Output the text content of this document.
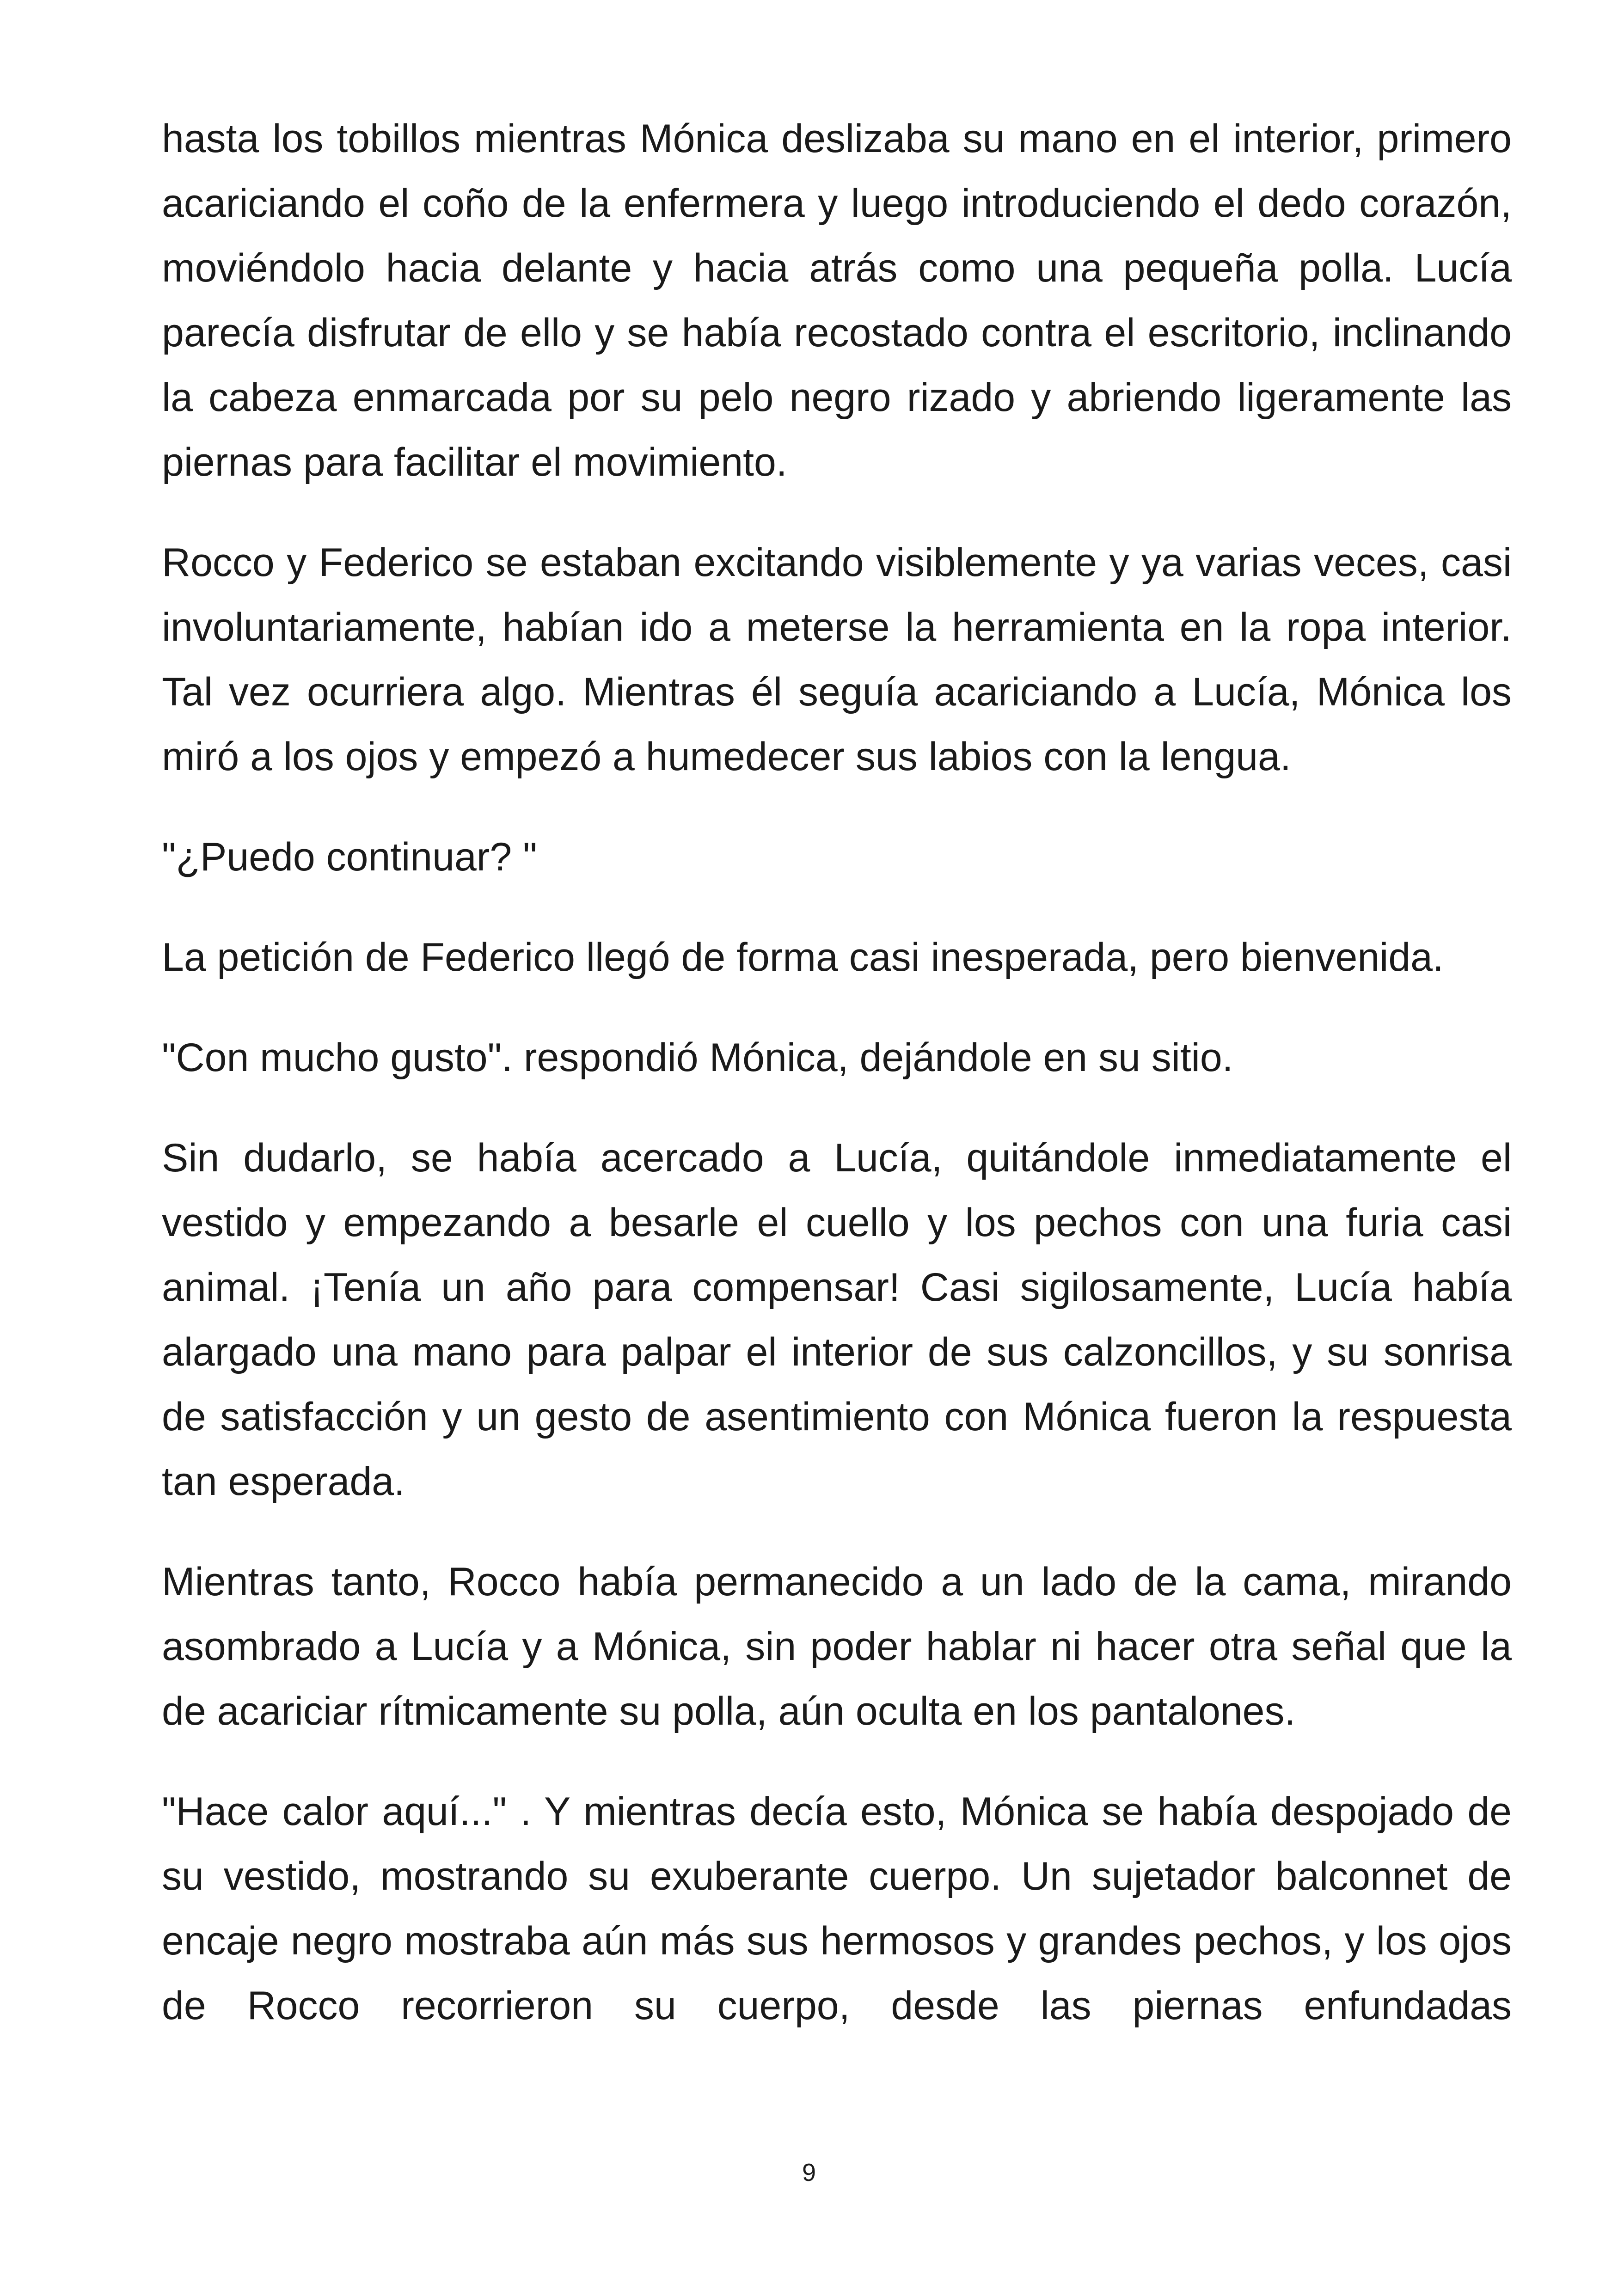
hasta los tobillos mientras Mónica deslizaba su mano en el interior, primero acariciando el coño de la enfermera y luego introduciendo el dedo corazón, moviéndolo hacia delante y hacia atrás como una pequeña polla. Lucía parecía disfrutar de ello y se había recostado contra el escritorio, inclinando la cabeza enmarcada por su pelo negro rizado y abriendo ligeramente las piernas para facilitar el movimiento.

Rocco y Federico se estaban excitando visiblemente y ya varias veces, casi involuntariamente, habían ido a meterse la herramienta en la ropa interior. Tal vez ocurriera algo. Mientras él seguía acariciando a Lucía, Mónica los miró a los ojos y empezó a humedecer sus labios con la lengua.

"¿Puedo continuar? "

La petición de Federico llegó de forma casi inesperada, pero bienvenida.

"Con mucho gusto". respondió Mónica, dejándole en su sitio.

Sin dudarlo, se había acercado a Lucía, quitándole inmediatamente el vestido y empezando a besarle el cuello y los pechos con una furia casi animal. ¡Tenía un año para compensar! Casi sigilosamente, Lucía había alargado una mano para palpar el interior de sus calzoncillos, y su sonrisa de satisfacción y un gesto de asentimiento con Mónica fueron la respuesta tan esperada.

Mientras tanto, Rocco había permanecido a un lado de la cama, mirando asombrado a Lucía y a Mónica, sin poder hablar ni hacer otra señal que la de acariciar rítmicamente su polla, aún oculta en los pantalones.

"Hace calor aquí..." . Y mientras decía esto, Mónica se había despojado de su vestido, mostrando su exuberante cuerpo. Un sujetador balconnet de encaje negro mostraba aún más sus hermosos y grandes pechos, y los ojos de Rocco recorrieron su cuerpo, desde las piernas enfundadas

9
